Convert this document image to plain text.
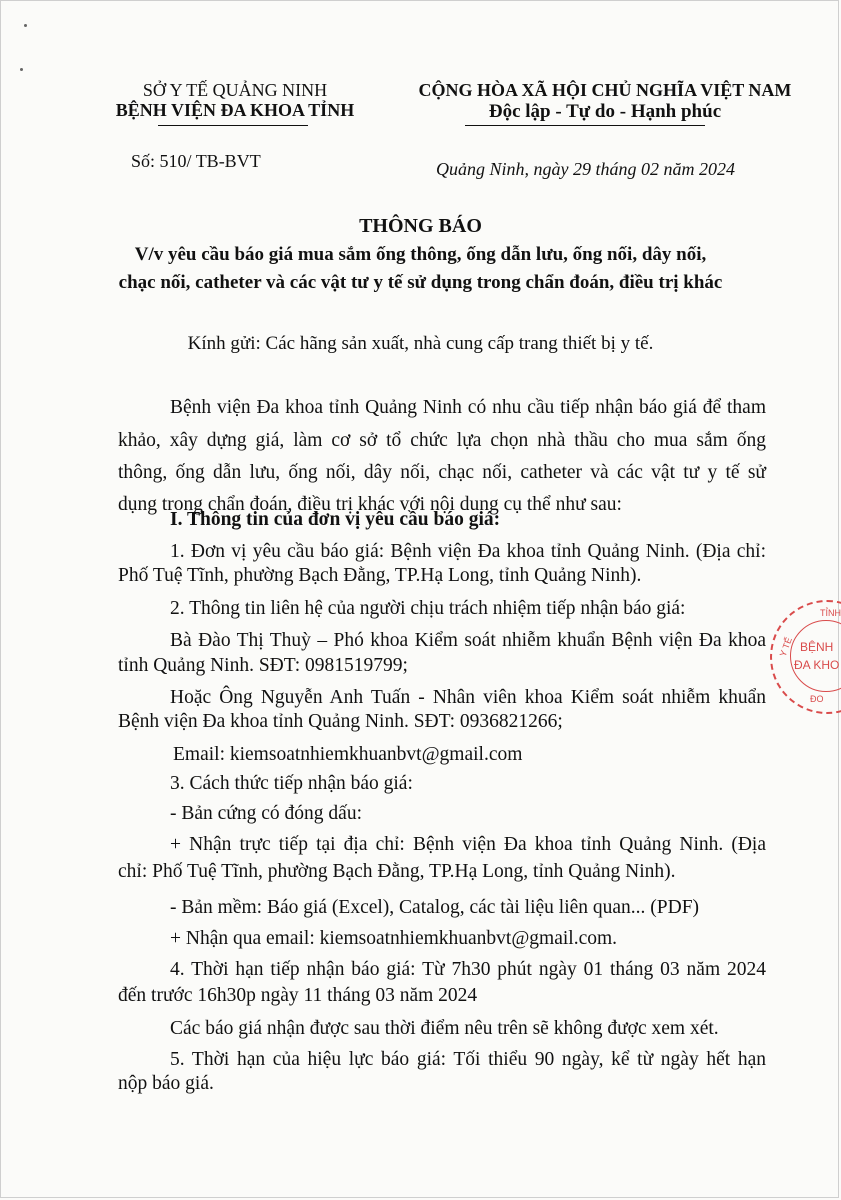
SỞ Y TẾ QUẢNG NINH
BỆNH VIỆN ĐA KHOA TỈNH
CỘNG HÒA XÃ HỘI CHỦ NGHĨA VIỆT NAM
Độc lập - Tự do - Hạnh phúc
Số: 510/ TB-BVT	Quảng Ninh, ngày 29 tháng 02 năm 2024
THÔNG BÁO
V/v yêu cầu báo giá mua sắm ống thông, ống dẫn lưu, ống nối, dây nối,
chạc nối, catheter và các vật tư y tế sử dụng trong chẩn đoán, điều trị khác
Kính gửi: Các hãng sản xuất, nhà cung cấp trang thiết bị y tế.
Bệnh viện Đa khoa tỉnh Quảng Ninh có nhu cầu tiếp nhận báo giá để tham
khảo, xây dựng giá, làm cơ sở tổ chức lựa chọn nhà thầu cho mua sắm ống
thông, ống dẫn lưu, ống nối, dây nối, chạc nối, catheter và các vật tư y tế sử
dụng trong chẩn đoán, điều trị khác với nội dung cụ thể như sau:
I. Thông tin của đơn vị yêu cầu báo giá:
1. Đơn vị yêu cầu báo giá: Bệnh viện Đa khoa tỉnh Quảng Ninh. (Địa chỉ:
Phố Tuệ Tĩnh, phường Bạch Đằng, TP.Hạ Long, tỉnh Quảng Ninh).
2. Thông tin liên hệ của người chịu trách nhiệm tiếp nhận báo giá:
Bà Đào Thị Thuỳ – Phó khoa Kiểm soát nhiễm khuẩn Bệnh viện Đa khoa
tỉnh Quảng Ninh. SĐT: 0981519799;
Hoặc Ông Nguyễn Anh Tuấn - Nhân viên khoa Kiểm soát nhiễm khuẩn
Bệnh viện Đa khoa tỉnh Quảng Ninh. SĐT: 0936821266;
Email: kiemsoatnhiemkhuanbvt@gmail.com
3. Cách thức tiếp nhận báo giá:
- Bản cứng có đóng dấu:
+ Nhận trực tiếp tại địa chỉ: Bệnh viện Đa khoa tỉnh Quảng Ninh. (Địa
chỉ: Phố Tuệ Tĩnh, phường Bạch Đằng, TP.Hạ Long, tỉnh Quảng Ninh).
- Bản mềm: Báo giá (Excel), Catalog, các tài liệu liên quan... (PDF)
+ Nhận qua email: kiemsoatnhiemkhuanbvt@gmail.com.
4. Thời hạn tiếp nhận báo giá: Từ 7h30 phút ngày 01 tháng 03 năm 2024
đến trước 16h30p ngày 11 tháng 03 năm 2024
Các báo giá nhận được sau thời điểm nêu trên sẽ không được xem xét.
5. Thời hạn của hiệu lực báo giá: Tối thiểu 90 ngày, kể từ ngày hết hạn
nộp báo giá.
BỆNH
ĐA KHO
TỈNH
Y TẾ
ĐO
